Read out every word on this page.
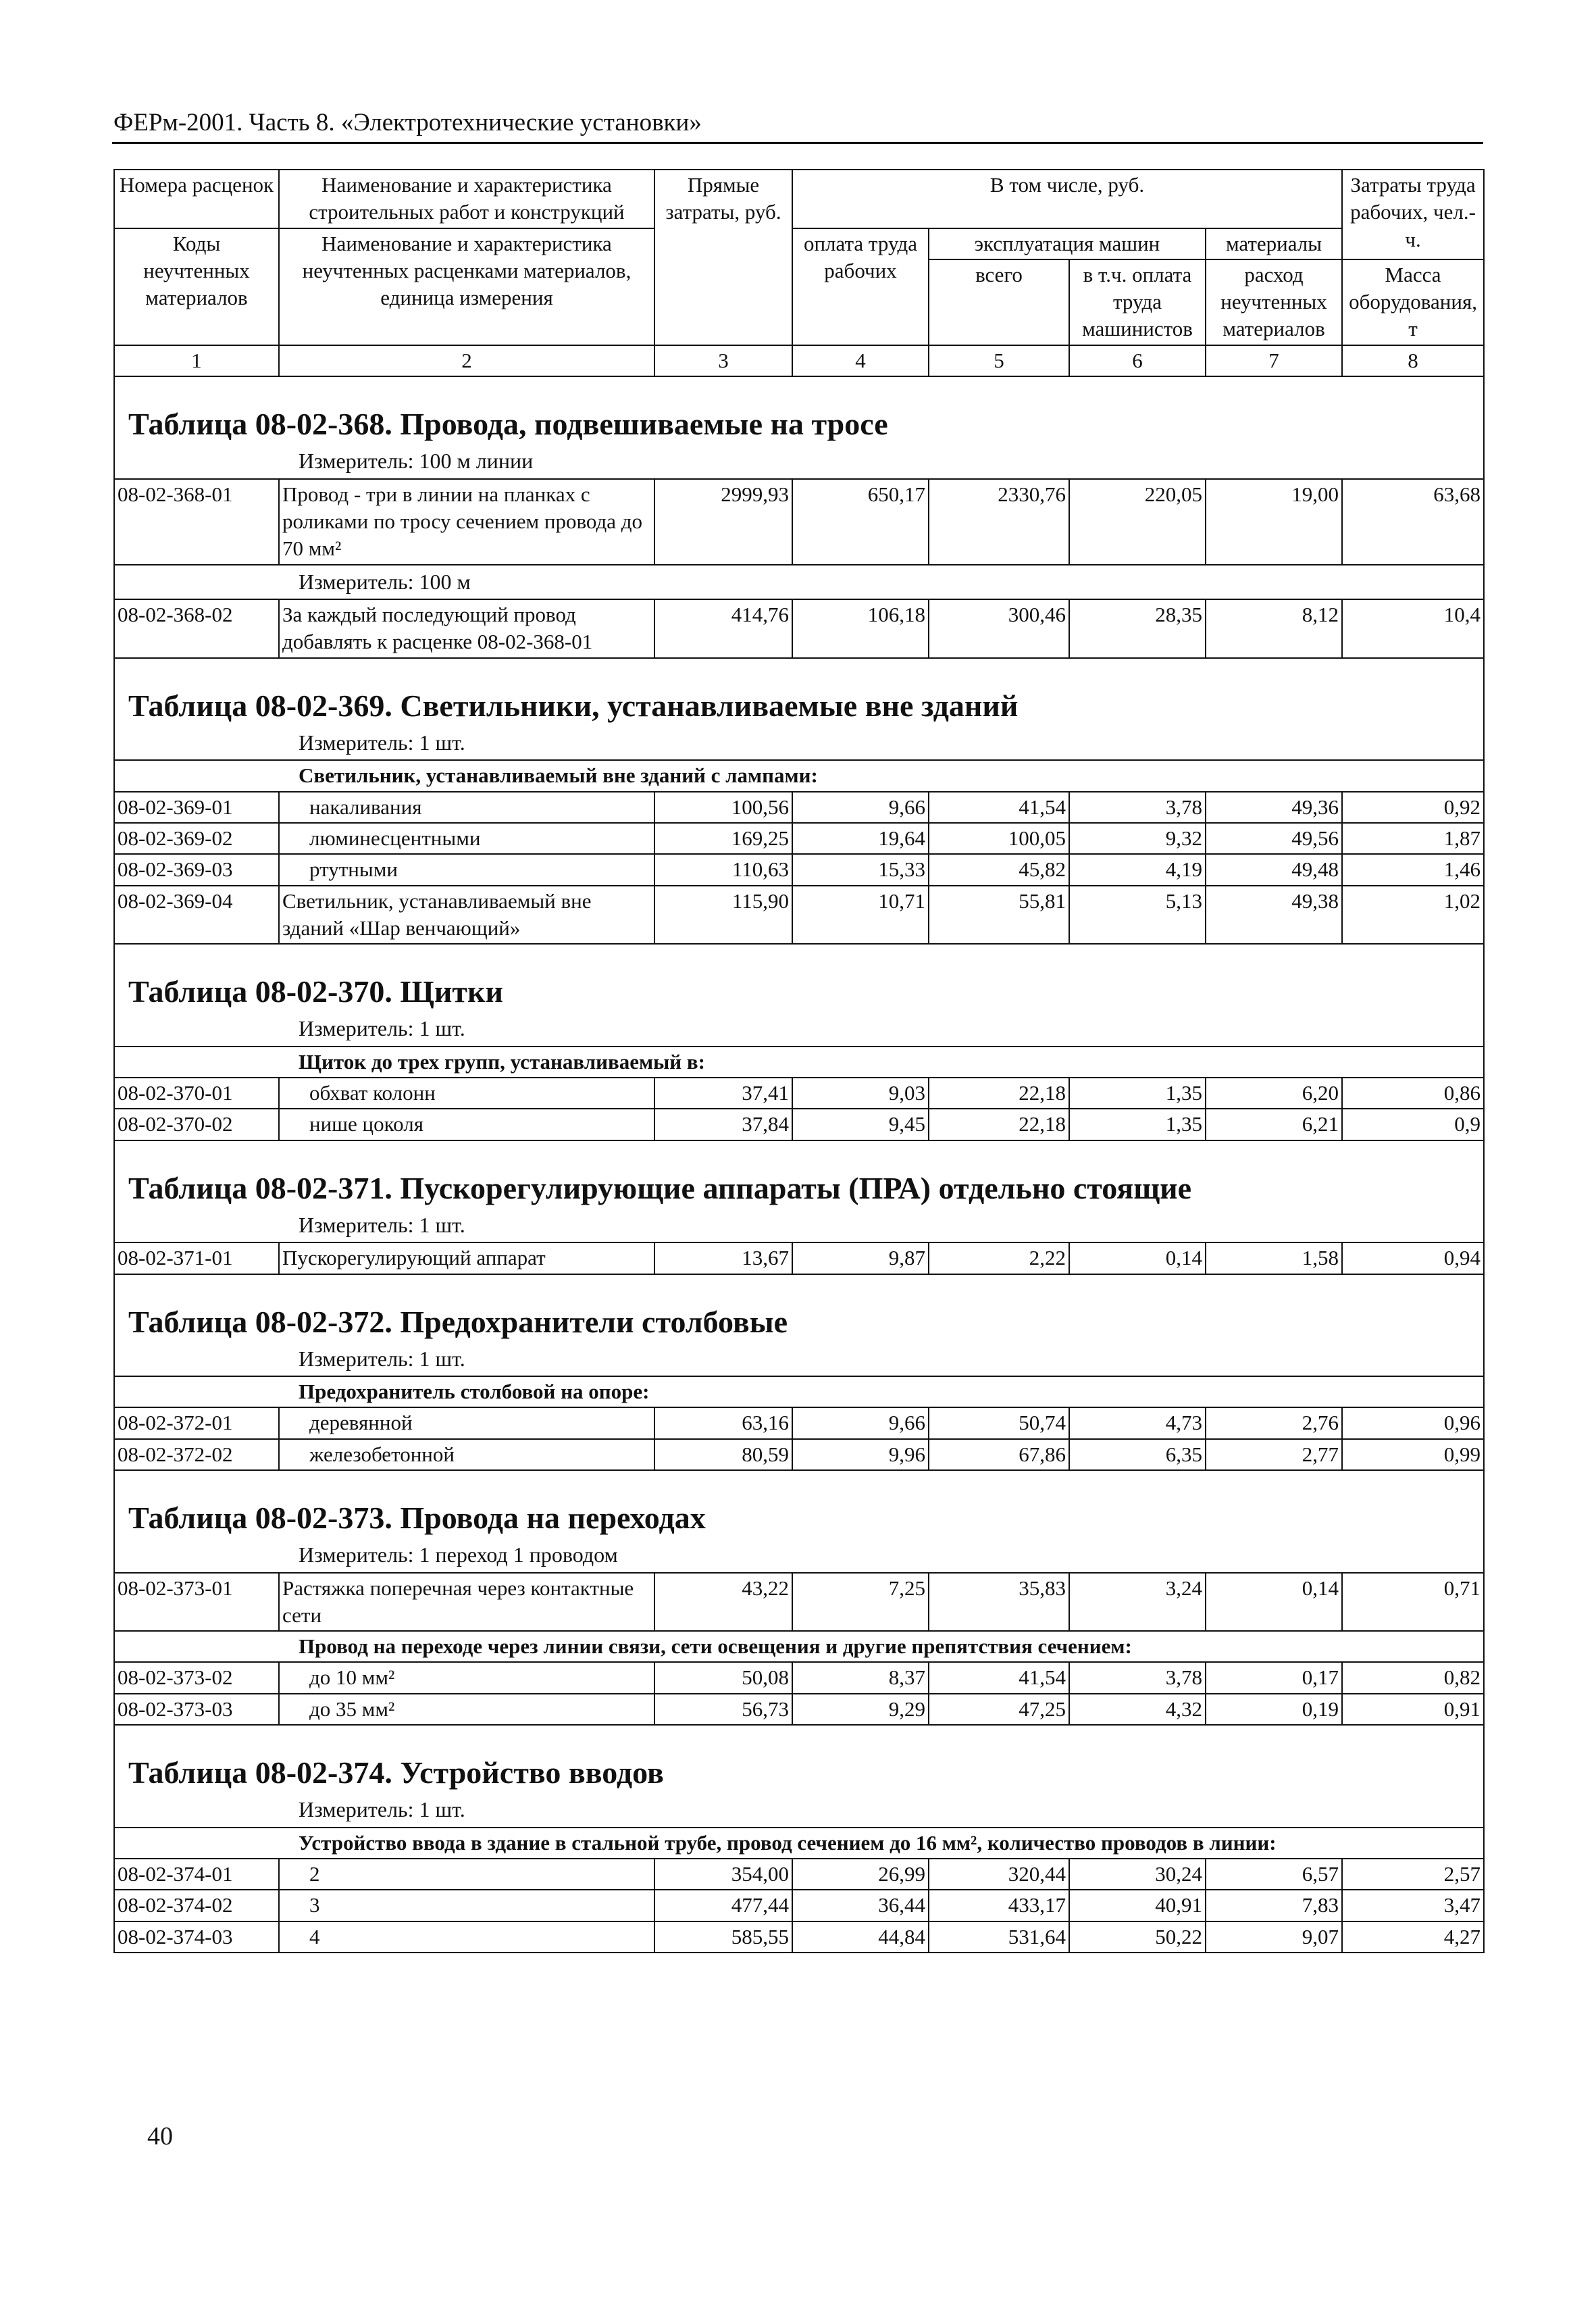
ФЕРм-2001. Часть 8. «Электротехнические установки»
Номера расценок	Наименование и характеристика строительных работ и конструкций	Прямые затраты, руб.	В том числе, руб.				Затраты труда рабочих, чел.-ч.
Коды неучтенных материалов	Наименование и характеристика неучтенных расценками материалов, единица измерения		оплата труда рабочих	эксплуатация машин		материалы	
				всего	в т.ч. оплата труда машинистов	расход неучтенных материалов	
							Масса оборудования, т
1	2	3	4	5	6	7	8
Таблица 08-02-368. Провода, подвешиваемые на тросе							
Измеритель: 100 м линии							
08-02-368-01	Провод - три в линии на планках с роликами по тросу сечением провода до 70 мм²	2999,93	650,17	2330,76	220,05	19,00	63,68
Измеритель: 100 м							
08-02-368-02	За каждый последующий провод добавлять к расценке 08-02-368-01	414,76	106,18	300,46	28,35	8,12	10,4
Таблица 08-02-369. Светильники, устанавливаемые вне зданий							
Измеритель: 1 шт.							
Светильник, устанавливаемый вне зданий с лампами:							
08-02-369-01	накаливания	100,56	9,66	41,54	3,78	49,36	0,92
08-02-369-02	люминесцентными	169,25	19,64	100,05	9,32	49,56	1,87
08-02-369-03	ртутными	110,63	15,33	45,82	4,19	49,48	1,46
08-02-369-04	Светильник, устанавливаемый вне зданий «Шар венчающий»	115,90	10,71	55,81	5,13	49,38	1,02
Таблица 08-02-370. Щитки							
Измеритель: 1 шт.							
Щиток до трех групп, устанавливаемый в:							
08-02-370-01	обхват колонн	37,41	9,03	22,18	1,35	6,20	0,86
08-02-370-02	нише цоколя	37,84	9,45	22,18	1,35	6,21	0,9
Таблица 08-02-371. Пускорегулирующие аппараты (ПРА) отдельно стоящие							
Измеритель: 1 шт.							
08-02-371-01	Пускорегулирующий аппарат	13,67	9,87	2,22	0,14	1,58	0,94
Таблица 08-02-372. Предохранители столбовые							
Измеритель: 1 шт.							
Предохранитель столбовой на опоре:							
08-02-372-01	деревянной	63,16	9,66	50,74	4,73	2,76	0,96
08-02-372-02	железобетонной	80,59	9,96	67,86	6,35	2,77	0,99
Таблица 08-02-373. Провода на переходах							
Измеритель: 1 переход 1 проводом							
08-02-373-01	Растяжка поперечная через контактные сети	43,22	7,25	35,83	3,24	0,14	0,71
Провод на переходе через линии связи, сети освещения и другие препятствия сечением:							
08-02-373-02	до 10 мм²	50,08	8,37	41,54	3,78	0,17	0,82
08-02-373-03	до 35 мм²	56,73	9,29	47,25	4,32	0,19	0,91
Таблица 08-02-374. Устройство вводов							
Измеритель: 1 шт.							
Устройство ввода в здание в стальной трубе, провод сечением до 16 мм², количество проводов в линии:							
08-02-374-01	2	354,00	26,99	320,44	30,24	6,57	2,57
08-02-374-02	3	477,44	36,44	433,17	40,91	7,83	3,47
08-02-374-03	4	585,55	44,84	531,64	50,22	9,07	4,27
40
